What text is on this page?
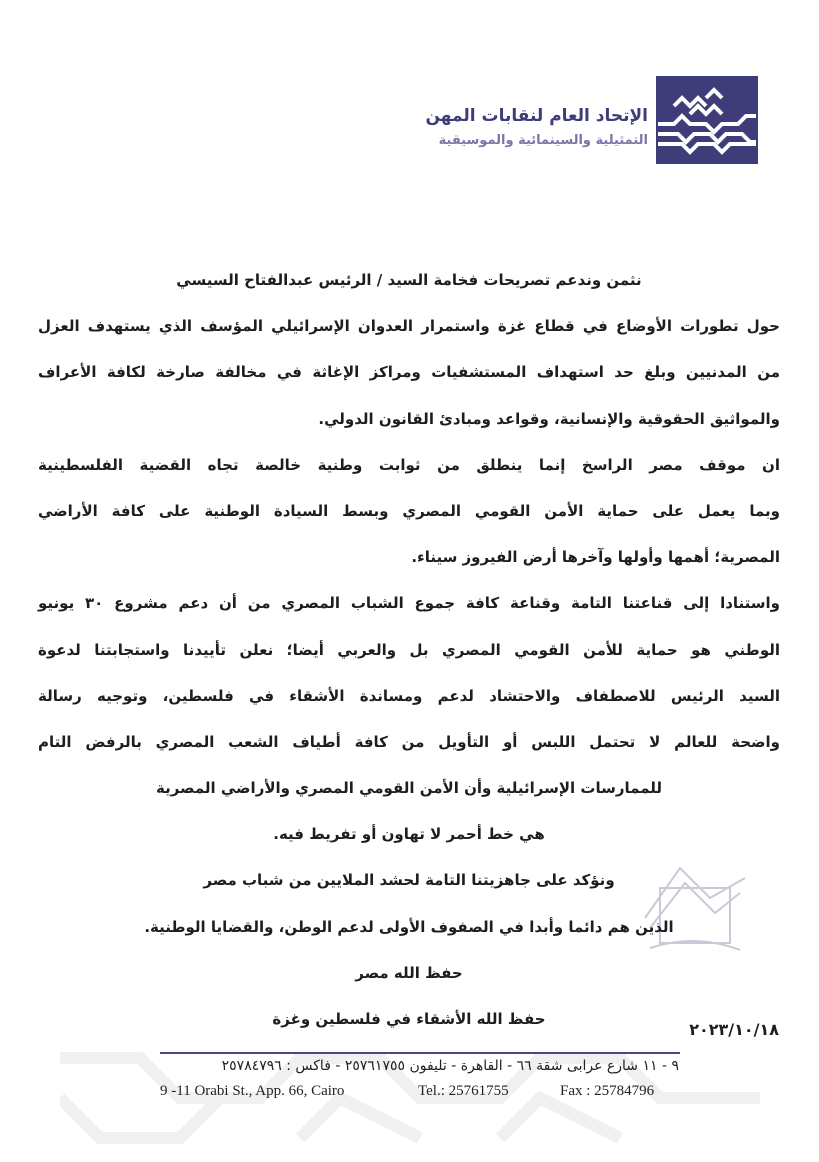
الإتحاد العام لنقابات المهن
التمثيلية والسينمائية والموسيقية
نثمن وندعم تصريحات فخامة السيد / الرئيس عبدالفتاح السيسي
حول تطورات الأوضاع في قطاع غزة واستمرار العدوان الإسرائيلي المؤسف الذي يستهدف العزل
من المدنيين وبلغ حد استهداف المستشفيات ومراكز الإغاثة في مخالفة صارخة لكافة الأعراف
والمواثيق الحقوقية والإنسانية، وقواعد ومبادئ القانون الدولي.
ان موقف مصر الراسخ إنما ينطلق من ثوابت وطنية خالصة تجاه القضية الفلسطينية
وبما يعمل على حماية الأمن القومي المصري وبسط السيادة الوطنية على كافة الأراضي
المصرية؛ أهمها وأولها وآخرها أرض الفيروز سيناء.
واستنادا إلى قناعتنا التامة وقناعة كافة جموع الشباب المصري من أن دعم مشروع ٣٠ يونيو
الوطني هو حماية للأمن القومي المصري بل والعربي أيضا؛ نعلن تأييدنا واستجابتنا لدعوة
السيد الرئيس للاصطفاف والاحتشاد لدعم ومساندة الأشقاء في فلسطين، وتوجيه رسالة
واضحة للعالم لا تحتمل اللبس أو التأويل من كافة أطياف الشعب المصري بالرفض التام
للممارسات الإسرائيلية وأن الأمن القومي المصري والأراضي المصرية
هي خط أحمر لا تهاون أو تفريط فيه.
ونؤكد على جاهزيتنا التامة لحشد الملايين من شباب مصر
الذين هم دائما وأبدا في الصفوف الأولى لدعم الوطن، والقضايا الوطنية.
حفظ الله مصر
حفظ الله الأشقاء في فلسطين وغزة
٢٠٢٣/١٠/١٨
٩ - ١١ شارع عرابى شقة ٦٦ - القاهرة - تليفون ٢٥٧٦١٧٥٥ - فاكس : ٢٥٧٨٤٧٩٦
9 -11 Orabi St., App. 66, Cairo	Tel.: 25761755	Fax : 25784796
